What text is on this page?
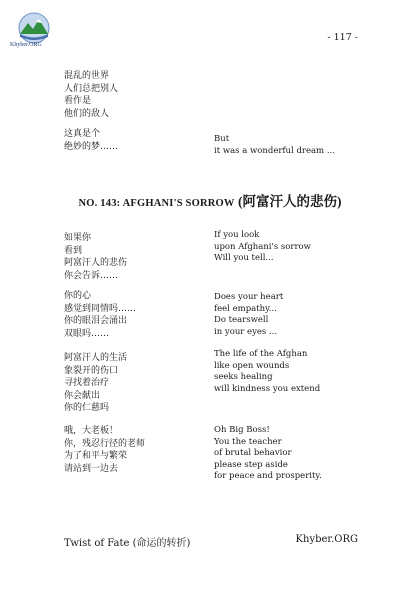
Khyber.ORG
- 117 -
混乱的世界
人们总把别人
看作是
他们的敌人
这真是个
绝妙的梦……
But
it was a wonderful dream ...
NO. 143: AFGHANI'S SORROW (阿富汗人的悲伤)
如果你
看到
阿富汗人的悲伤
你会告诉……
If you look
upon Afghani's sorrow
Will you tell...
你的心
感觉到同情吗……
你的眼泪会涌出
双眼吗……
Does your heart
feel empathy...
Do tearswell
in your eyes ...
阿富汗人的生活
象裂开的伤口
寻找着治疗
你会献出
你的仁慈吗
The life of the Afghan
like open wounds
seeks healing
will kindness you extend
哦，大老板！
你，残忍行径的老师
为了和平与繁荣
请站到一边去
Oh Big Boss!
You the teacher
of brutal behavior
please step aside
for peace and prosperity.
Twist of Fate (命运的转折)	Khyber.ORG
